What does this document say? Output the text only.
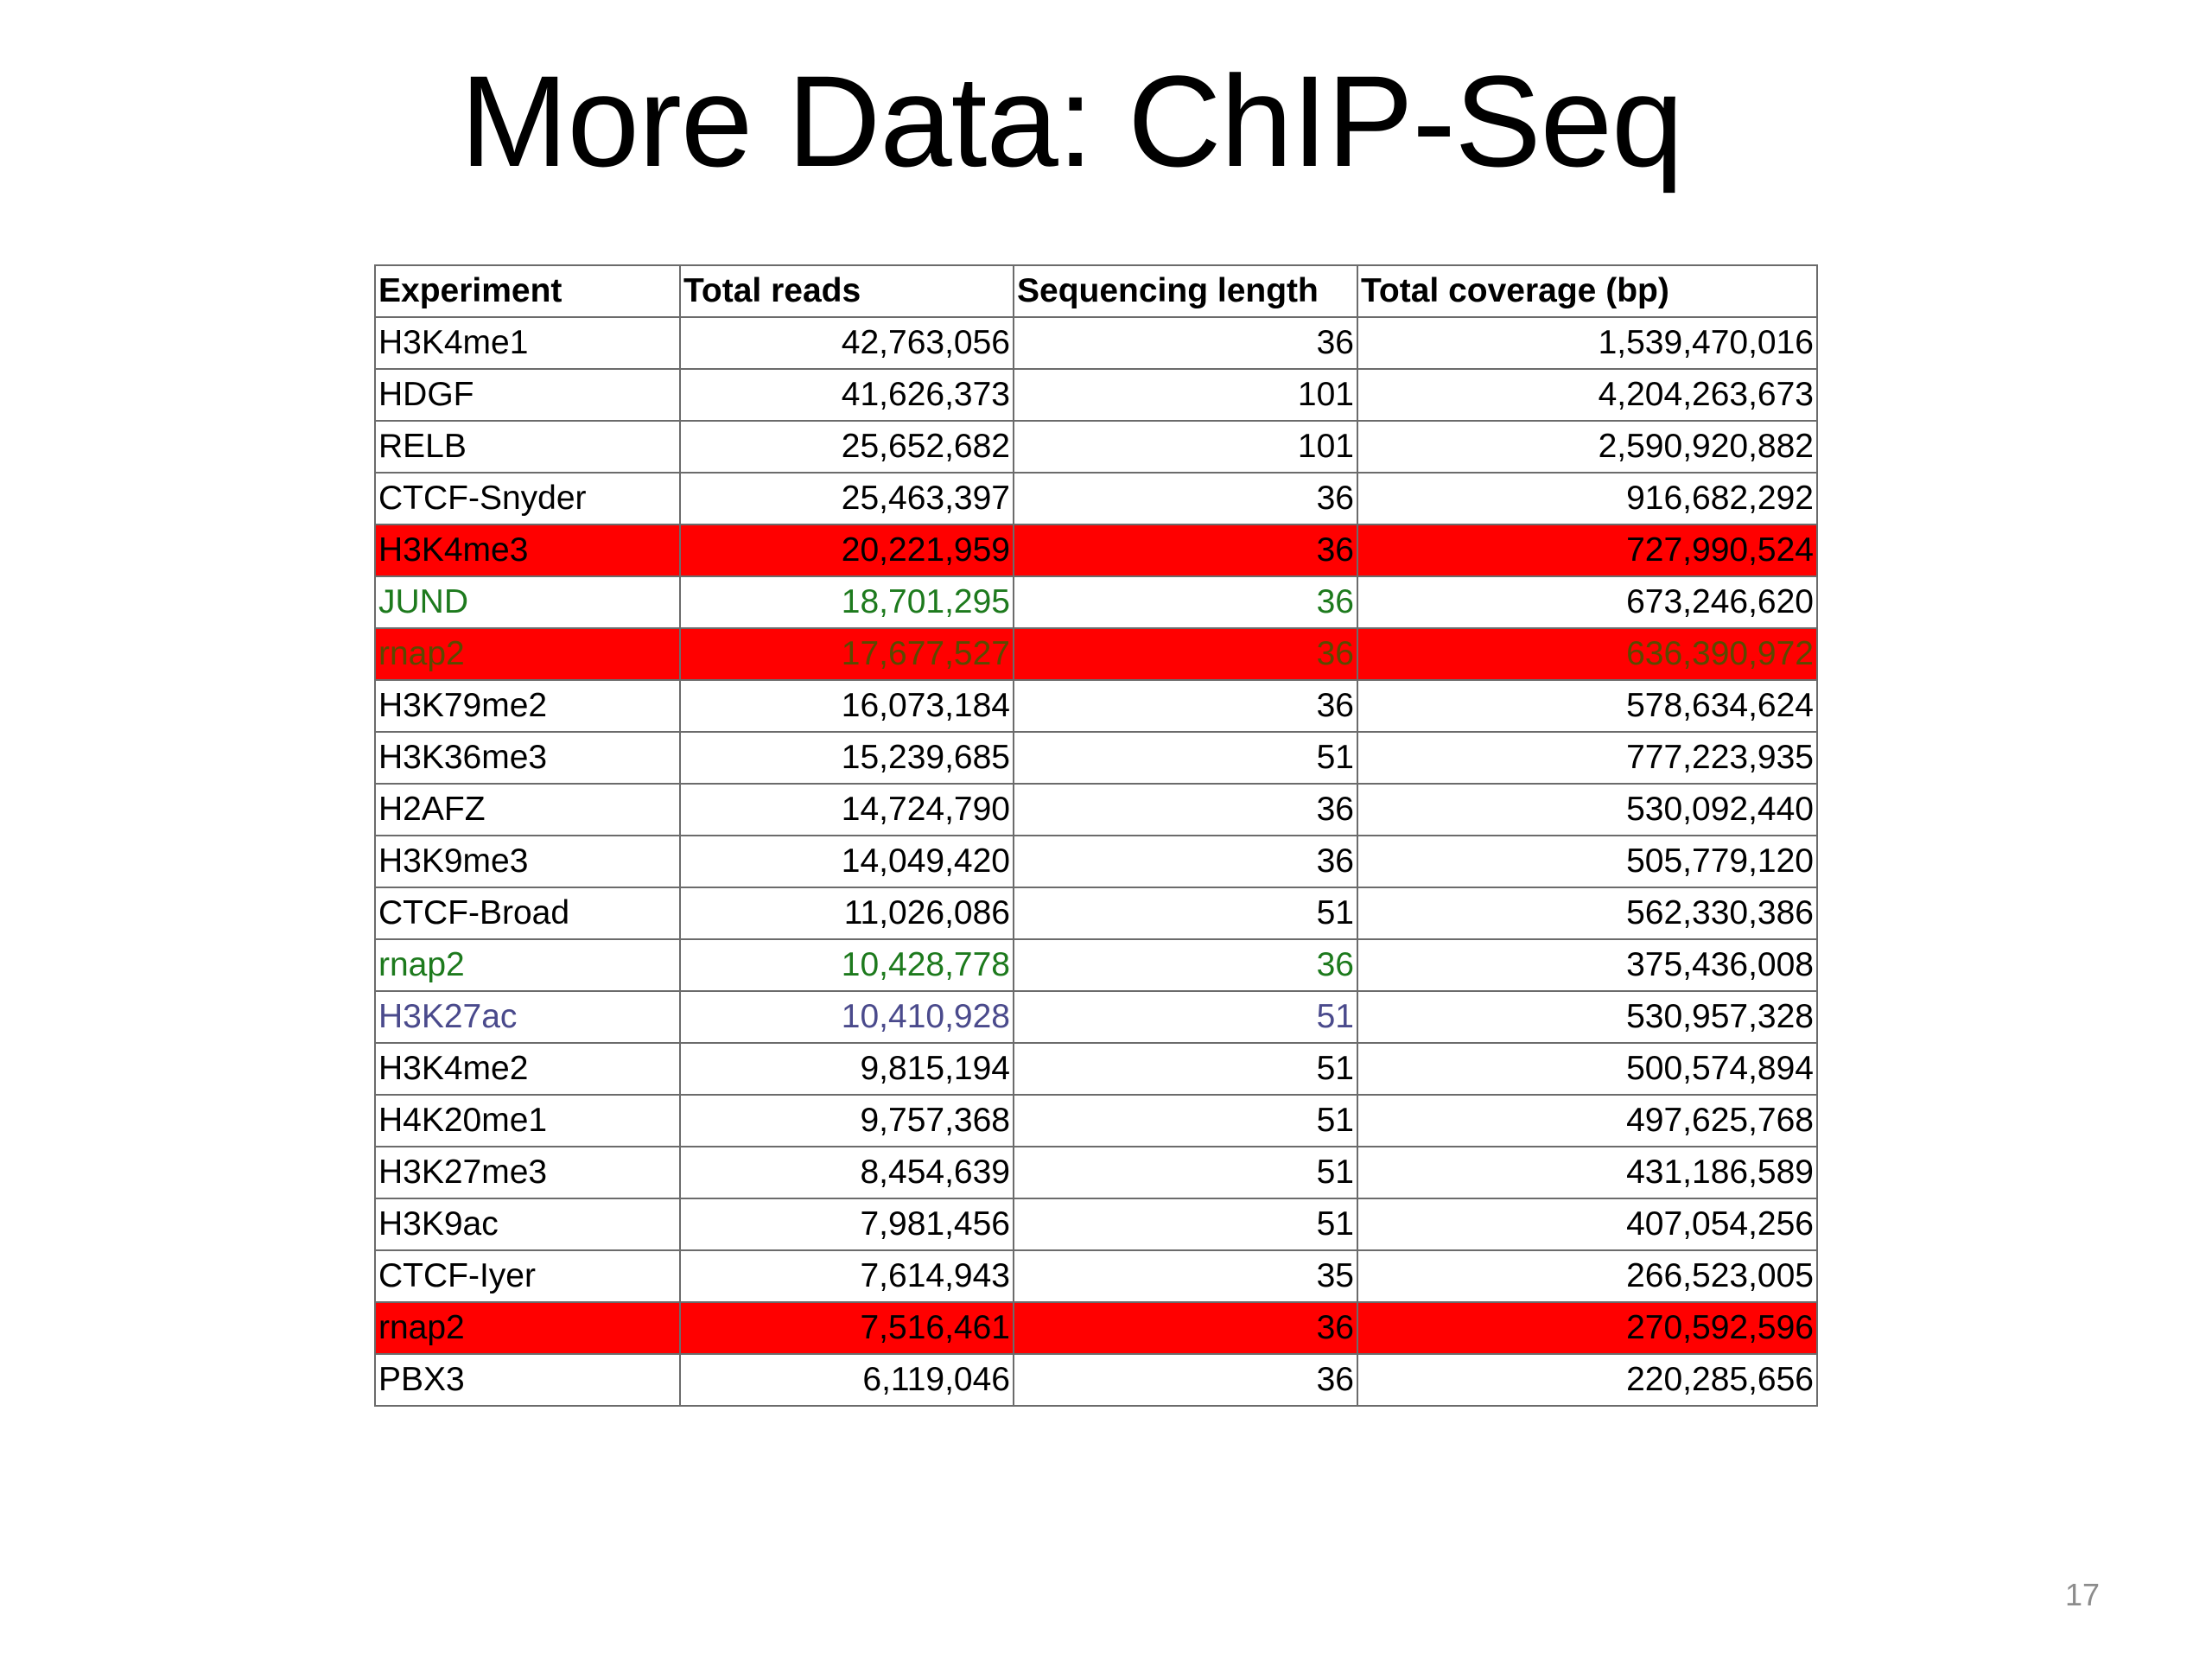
More Data: ChIP-Seq
Experiment	Total reads	Sequencing length	Total coverage (bp)
H3K4me1	42,763,056	36	1,539,470,016
HDGF	41,626,373	101	4,204,263,673
RELB	25,652,682	101	2,590,920,882
CTCF-Snyder	25,463,397	36	916,682,292
H3K4me3	20,221,959	36	727,990,524
JUND	18,701,295	36	673,246,620
rnap2	17,677,527	36	636,390,972
H3K79me2	16,073,184	36	578,634,624
H3K36me3	15,239,685	51	777,223,935
H2AFZ	14,724,790	36	530,092,440
H3K9me3	14,049,420	36	505,779,120
CTCF-Broad	11,026,086	51	562,330,386
rnap2	10,428,778	36	375,436,008
H3K27ac	10,410,928	51	530,957,328
H3K4me2	9,815,194	51	500,574,894
H4K20me1	9,757,368	51	497,625,768
H3K27me3	8,454,639	51	431,186,589
H3K9ac	7,981,456	51	407,054,256
CTCF-Iyer	7,614,943	35	266,523,005
rnap2	7,516,461	36	270,592,596
PBX3	6,119,046	36	220,285,656
17
